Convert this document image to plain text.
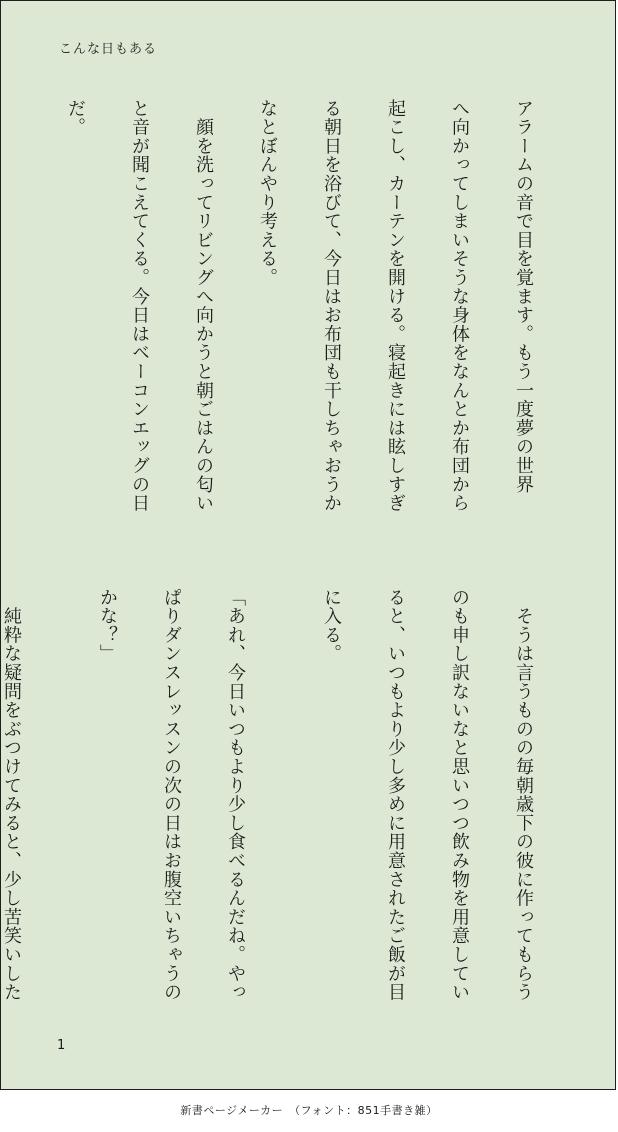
こんな日もある

アラームの音で目を覚ます。もう一度夢の世界

へ向かってしまいそうな身体をなんとか布団から

起こし、カーテンを開ける。寝起きには眩しすぎ

る朝日を浴びて、今日はお布団も干しちゃおうか

なとぼんやり考える。

　顔を洗ってリビングへ向かうと朝ごはんの匂い

と音が聞こえてくる。今日はベーコンエッグの日

だ。

　そうは言うものの毎朝歳下の彼に作ってもらう

のも申し訳ないなと思いつつ飲み物を用意してい

ると、いつもより少し多めに用意されたご飯が目

に入る。

「あれ、今日いつもより少し食べるんだね。やっ

ぱりダンスレッスンの次の日はお腹空いちゃうの

かな？」

　純粋な疑問をぶつけてみると、少し苦笑いした

1
新書ページメーカー　（フォント：851手書き雑）
